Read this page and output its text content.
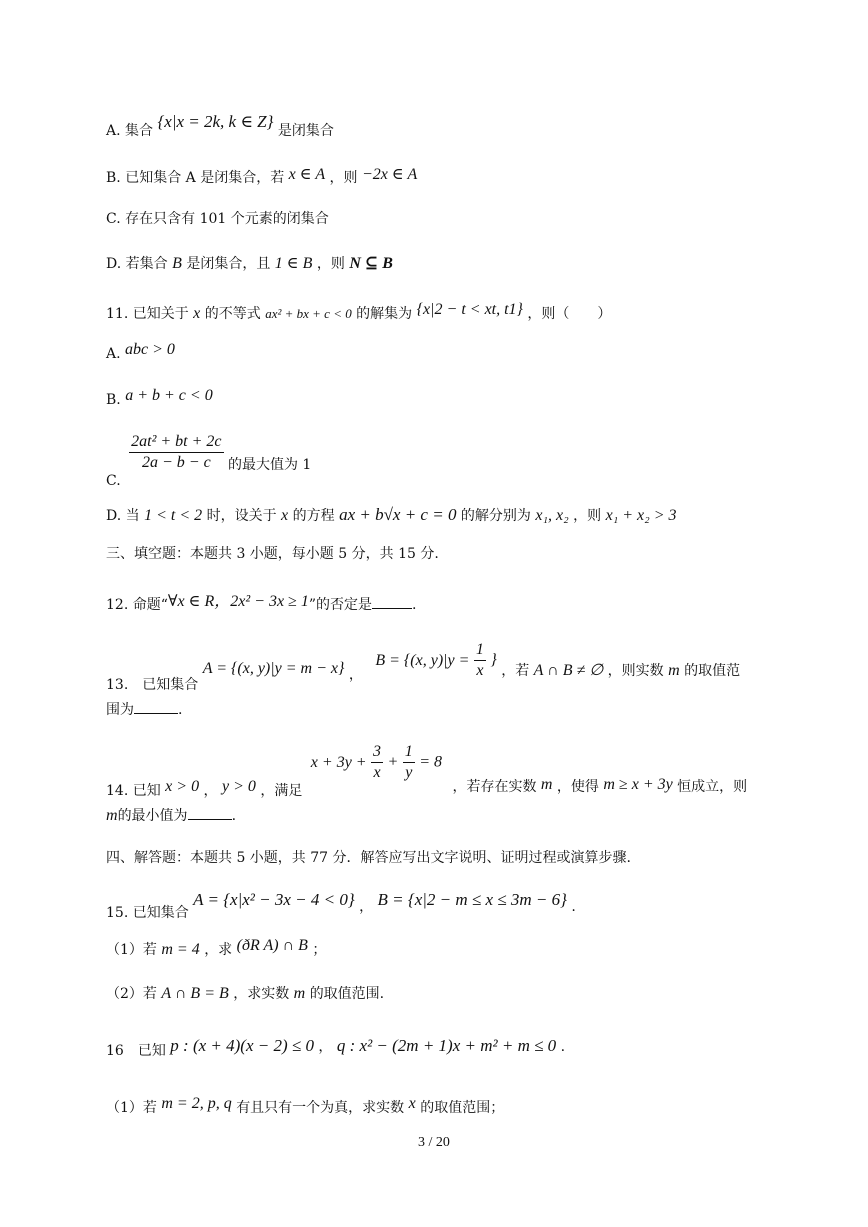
A. 集合 {x|x = 2k, k ∈ Z} 是闭集合
B. 已知集合 A 是闭集合，若 x ∈ A ，则 −2x ∈ A
C. 存在只含有 101 个元素的闭集合
D. 若集合 B 是闭集合，且 1 ∈ B ，则 N ⊆ B
11. 已知关于 x 的不等式 ax² + bx + c < 0 的解集为 {x|2 − t < xt, t1} ，则（　　）
A. abc > 0
B. a + b + c < 0
C.
$\frac{\text{2at² + bt + 2c}}{2a - b - c}$ 的最大值为 1
D. 当 1 < t < 2 时，设关于 x 的方程 ax + b√x + c = 0 的解分别为 x₁, x₂ ，则 x₁ + x₂ > 3
三、填空题：本题共 3 小题，每小题 5 分，共 15 分.
12. 命题“∀x ∈ R，2x² − 3x ≥ 1”的否定是	.
13.　已知集合 A = {(x, y)|y = m − x} ， B = {(x, $y)|y = \frac{1}{x}$ } ，若 A ∩ B ≠ ∅ ，则实数 m 的取值范
围为	.
14. 已知 x > 0 ， y > 0 ，满足 $x + 3y + \frac{3}{x} + \frac{1}{y} = 8$ ，若存在实数 m ，使得 m ≥ x + 3y 恒成立，则
m的最小值为	.
四、解答题：本题共 5 小题，共 77 分．解答应写出文字说明、证明过程或演算步骤.
15. 已知集合 A = {x|x² − 3x − 4 < 0} ， B = {x|2 − m ≤ x ≤ 3m − 6} .
（1）若 m = 4 ，求 (ðR A) ∩ B ；
（2）若 A ∩ B = B ，求实数 m 的取值范围.
16　已知 p : (x + 4)(x − 2) ≤ 0 ， q : x² − (2m + 1)x + m² + m ≤ 0 .
（1）若 m = 2, p, q 有且只有一个为真，求实数 x 的取值范围；
3 / 20
